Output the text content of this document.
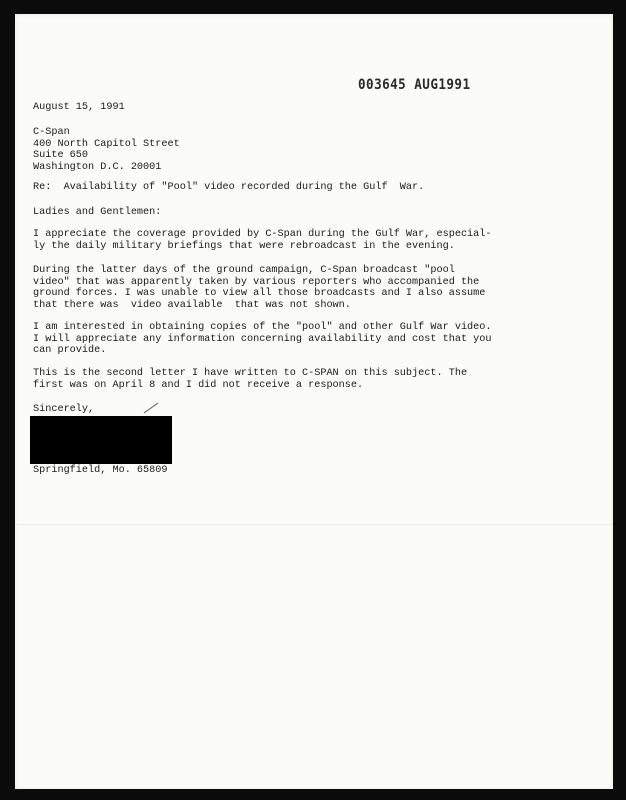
003645 AUG1991
August 15, 1991
C-Span
400 North Capitol Street
Suite 650
Washington D.C. 20001
Re:  Availability of "Pool" video recorded during the Gulf  War.
Ladies and Gentlemen:
I appreciate the coverage provided by C-Span during the Gulf War, especial-
ly the daily military briefings that were rebroadcast in the evening.
During the latter days of the ground campaign, C-Span broadcast "pool
video" that was apparently taken by various reporters who accompanied the
ground forces. I was unable to view all those broadcasts and I also assume
that there was  video available  that was not shown.
I am interested in obtaining copies of the "pool" and other Gulf War video.
I will appreciate any information concerning availability and cost that you
can provide.
This is the second letter I have written to C-SPAN on this subject. The
first was on April 8 and I did not receive a response.
Sincerely,
Springfield, Mo. 65809
